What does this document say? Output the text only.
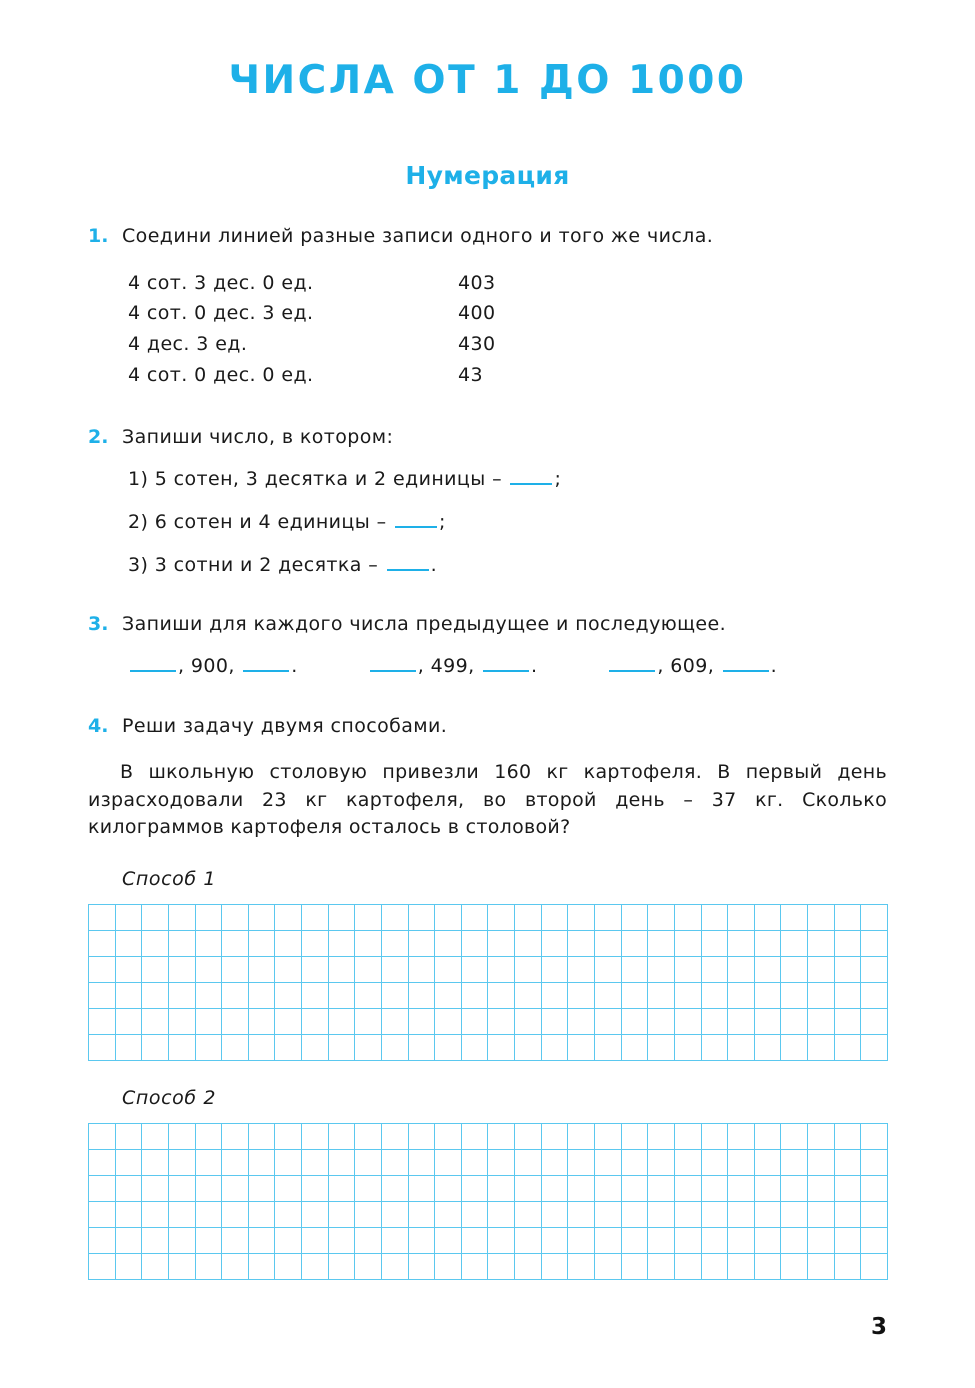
ЧИСЛА ОТ 1 ДО 1000
Нумерация
1. Соедини линией разные записи одного и того же числа.
4 сот. 3 дес. 0 ед.	403
4 сот. 0 дес. 3 ед.	400
4 дес. 3 ед.	430
4 сот. 0 дес. 0 ед.	43
2. Запиши число, в котором:
1) 5 сотен, 3 десятка и 2 единицы – ;
2) 6 сотен и 4 единицы – ;
3) 3 сотни и 2 десятка – .
3. Запиши для каждого числа предыдущее и последующее.
, 900,	.	, 499,	.	, 609,	.
4. Реши задачу двумя способами.
В школьную столовую привезли 160 кг картофеля. В первый день израсходовали 23 кг картофеля, во второй день – 37 кг. Сколько килограммов картофеля осталось в столовой?
Способ 1
Способ 2
3
